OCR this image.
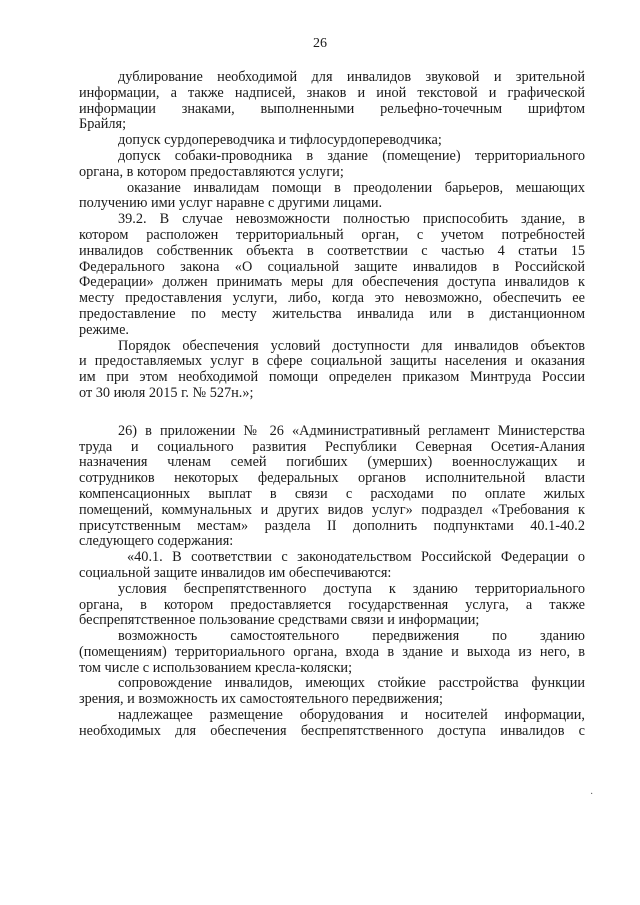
26
дублирование необходимой для инвалидов звуковой и зрительной
информации, а также надписей, знаков и иной текстовой и графической
информации знаками, выполненными рельефно-точечным шрифтом
Брайля;
допуск сурдопереводчика и тифлосурдопереводчика;
допуск собаки-проводника в здание (помещение) территориального
органа, в котором предоставляются услуги;
оказание инвалидам помощи в преодолении барьеров, мешающих
получению ими услуг наравне с другими лицами.
39.2. В случае невозможности полностью приспособить здание, в
котором расположен территориальный орган, с учетом потребностей
инвалидов собственник объекта в соответствии с частью 4 статьи 15
Федерального закона «О социальной защите инвалидов в Российской
Федерации» должен принимать меры для обеспечения доступа инвалидов к
месту предоставления услуги, либо, когда это невозможно, обеспечить ее
предоставление по месту жительства инвалида или в дистанционном
режиме.
Порядок обеспечения условий доступности для инвалидов объектов
и предоставляемых услуг в сфере социальной защиты населения и оказания
им при этом необходимой помощи определен приказом Минтруда России
от 30 июля 2015 г. № 527н.»;
26) в приложении № 26 «Административный регламент Министерства
труда и социального развития Республики Северная Осетия-Алания
назначения членам семей погибших (умерших) военнослужащих и
сотрудников некоторых федеральных органов исполнительной власти
компенсационных выплат в связи с расходами по оплате жилых
помещений, коммунальных и других видов услуг» подраздел «Требования к
присутственным местам» раздела II дополнить подпунктами 40.1-40.2
следующего содержания:
«40.1. В соответствии с законодательством Российской Федерации о
социальной защите инвалидов им обеспечиваются:
условия беспрепятственного доступа к зданию территориального
органа, в котором предоставляется государственная услуга, а также
беспрепятственное пользование средствами связи и информации;
возможность самостоятельного передвижения по зданию
(помещениям) территориального органа, входа в здание и выхода из него, в
том числе с использованием кресла-коляски;
сопровождение инвалидов, имеющих стойкие расстройства функции
зрения, и возможность их самостоятельного передвижения;
надлежащее размещение оборудования и носителей информации,
необходимых для обеспечения беспрепятственного доступа инвалидов с
·
